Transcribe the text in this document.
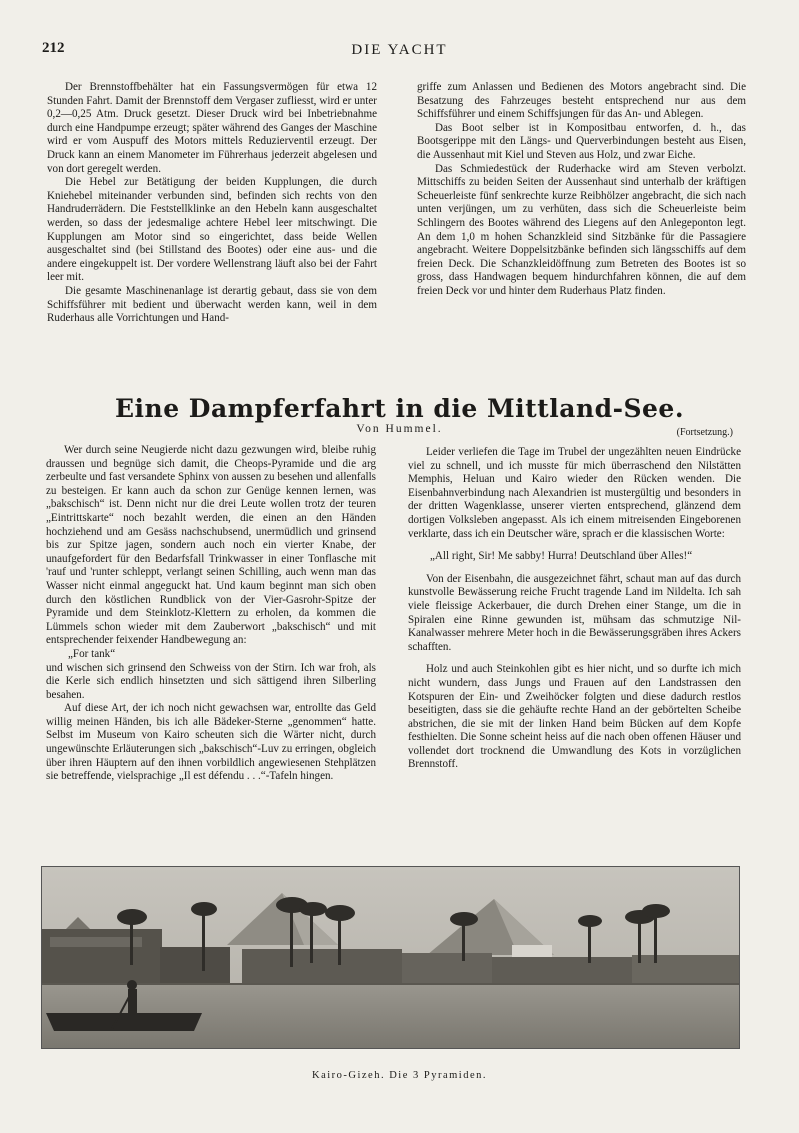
212	DIE YACHT

Der Brennstoffbehälter hat ein Fassungsvermögen für etwa 12 Stunden Fahrt. Damit der Brennstoff dem Vergaser zufliesst, wird er unter 0,2—0,25 Atm. Druck gesetzt. Dieser Druck wird bei Inbetriebnahme durch eine Handpumpe erzeugt; später während des Ganges der Maschine wird er vom Auspuff des Motors mittels Reduzierventil erzeugt. Der Druck kann an einem Manometer im Führerhaus jederzeit abgelesen und von dort geregelt werden.

Die Hebel zur Betätigung der beiden Kupplungen, die durch Kniehebel miteinander verbunden sind, befinden sich rechts von den Handruderrädern. Die Feststellklinke an den Hebeln kann ausgeschaltet werden, so dass der jedesmalige achtere Hebel leer mitschwingt. Die Kupplungen am Motor sind so eingerichtet, dass beide Wellen ausgeschaltet sind (bei Stillstand des Bootes) oder eine aus- und die andere eingekuppelt ist. Der vordere Wellenstrang läuft also bei der Fahrt leer mit.

Die gesamte Maschinenanlage ist derartig gebaut, dass sie von dem Schiffsführer mit bedient und überwacht werden kann, weil in dem Ruderhaus alle Vorrichtungen und Hand-

griffe zum Anlassen und Bedienen des Motors angebracht sind. Die Besatzung des Fahrzeuges besteht entsprechend nur aus dem Schiffsführer und einem Schiffsjungen für das An- und Ablegen.

Das Boot selber ist in Kompositbau entworfen, d. h., das Bootsgerippe mit den Längs- und Querverbindungen besteht aus Eisen, die Aussenhaut mit Kiel und Steven aus Holz, und zwar Eiche.

Das Schmiedestück der Ruderhacke wird am Steven verbolzt. Mittschiffs zu beiden Seiten der Aussenhaut sind unterhalb der kräftigen Scheuerleiste fünf senkrechte kurze Reibhölzer angebracht, die sich nach unten verjüngen, um zu verhüten, dass sich die Scheuerleiste beim Schlingern des Bootes während des Liegens auf den Anlegeponton legt. An dem 1,0 m hohen Schanzkleid sind Sitzbänke für die Passagiere angebracht. Weitere Doppelsitzbänke befinden sich längsschiffs auf dem freien Deck. Die Schanzkleidöffnung zum Betreten des Bootes ist so gross, dass Handwagen bequem hindurchfahren können, die auf dem freien Deck vor und hinter dem Ruderhaus Platz finden.

Eine Dampferfahrt in die Mittland-See.
Von Hummel.	(Fortsetzung.)

Wer durch seine Neugierde nicht dazu gezwungen wird, bleibe ruhig draussen und begnüge sich damit, die Cheops-Pyramide und die arg zerbeulte und fast versandete Sphinx von aussen zu besehen und allenfalls zu besteigen. Er kann auch da schon zur Genüge kennen lernen, was „bakschisch“ ist. Denn nicht nur die drei Leute wollen trotz der teuren „Eintrittskarte“ noch bezahlt werden, die einen an den Händen hochziehend und am Gesäss nachschubsend, unermüdlich und grinsend bis zur Spitze jagen, sondern auch noch ein vierter Knabe, der unaufgefordert für den Bedarfsfall Trinkwasser in einer Tonflasche mit 'rauf und 'runter schleppt, verlangt seinen Schilling, auch wenn man das Wasser nicht einmal angeguckt hat. Und kaum beginnt man sich oben durch den köstlichen Rundblick von der Vier-Gasrohr-Spitze der Pyramide und dem Steinklotz-Klettern zu erholen, da kommen die Lümmels schon wieder mit dem Zauberwort „bakschisch“ und mit entsprechender feixender Handbewegung an:

„For tank“

und wischen sich grinsend den Schweiss von der Stirn. Ich war froh, als die Kerle sich endlich hinsetzten und sich sättigend ihren Silberling besahen.

Auf diese Art, der ich noch nicht gewachsen war, entrollte das Geld willig meinen Händen, bis ich alle Bädeker-Sterne „genommen“ hatte. Selbst im Museum von Kairo scheuten sich die Wärter nicht, durch ungewünschte Erläuterungen sich „bakschisch“-Luv zu erringen, obgleich über ihren Häuptern auf den ihnen vorbildlich angewiesenen Stehplätzen sie betreffende, vielsprachige „Il est défendu . . .“-Tafeln hingen.

Leider verliefen die Tage im Trubel der ungezählten neuen Eindrücke viel zu schnell, und ich musste für mich überraschend den Nilstätten Memphis, Heluan und Kairo wieder den Rücken wenden. Die Eisenbahnverbindung nach Alexandrien ist mustergültig und besonders in der dritten Wagenklasse, unserer vierten entsprechend, glänzend dem dortigen Volksleben angepasst. Als ich einem mitreisenden Eingeborenen verklarte, dass ich ein Deutscher wäre, sprach er die klassischen Worte:

„All right, Sir! Me sabby! Hurra! Deutschland über Alles!“

Von der Eisenbahn, die ausgezeichnet fährt, schaut man auf das durch kunstvolle Bewässerung reiche Frucht tragende Land im Nildelta. Ich sah viele fleissige Ackerbauer, die durch Drehen einer Stange, um die in Spiralen eine Rinne gewunden ist, mühsam das schmutzige Nil-Kanalwasser mehrere Meter hoch in die Bewässerungsgräben ihres Ackers schafften.

Holz und auch Steinkohlen gibt es hier nicht, und so durfte ich mich nicht wundern, dass Jungs und Frauen auf den Landstrassen den Kotspuren der Ein- und Zweihöcker folgten und diese dadurch restlos beseitigten, dass sie die gehäufte rechte Hand an der gebörtelten Scheibe abstrichen, die sie mit der linken Hand beim Bücken auf dem Kopfe festhielten. Die Sonne scheint heiss auf die nach oben offenen Häuser und vollendet dort trocknend die Umwandlung des Kots in vorzüglichen Brennstoff.

Kairo-Gizeh. Die 3 Pyramiden.
